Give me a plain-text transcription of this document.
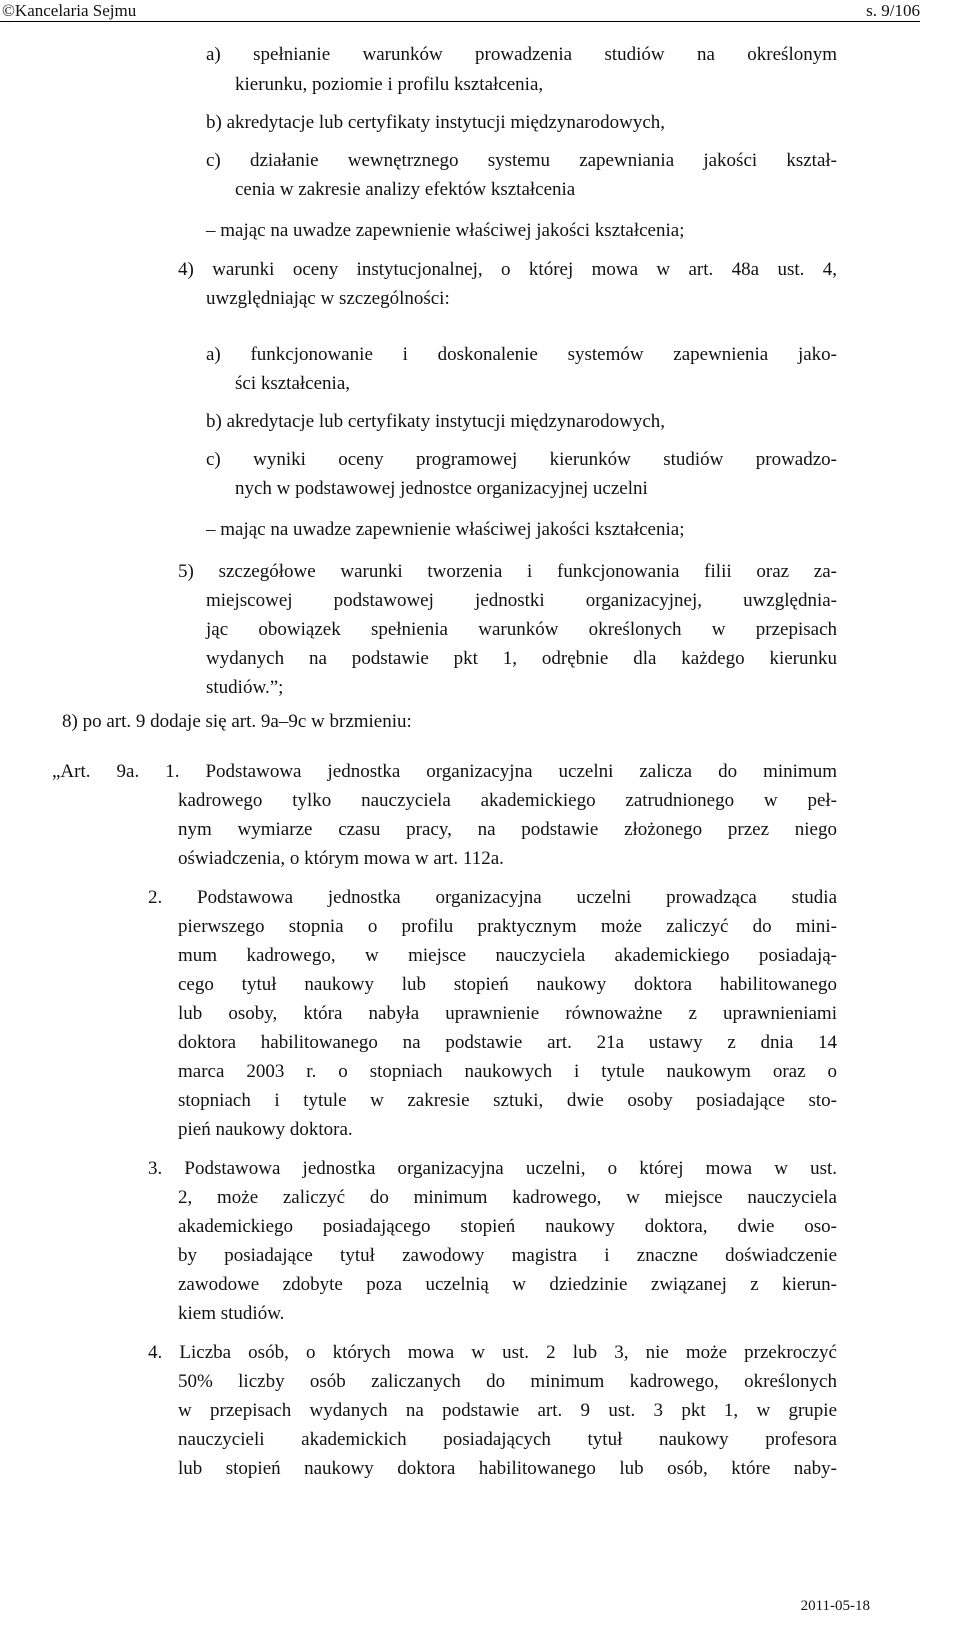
©Kancelaria Sejmu	s. 9/106
a) spełnianie warunków prowadzenia studiów na określonym
kierunku, poziomie i profilu kształcenia,
b) akredytacje lub certyfikaty instytucji międzynarodowych,
c) działanie wewnętrznego systemu zapewniania jakości kształ-
cenia w zakresie analizy efektów kształcenia
– mając na uwadze zapewnienie właściwej jakości kształcenia;
4) warunki oceny instytucjonalnej, o której mowa w art. 48a ust. 4,
uwzględniając w szczególności:
a) funkcjonowanie i doskonalenie systemów zapewnienia jako-
ści kształcenia,
b) akredytacje lub certyfikaty instytucji międzynarodowych,
c) wyniki oceny programowej kierunków studiów prowadzo-
nych w podstawowej jednostce organizacyjnej uczelni
– mając na uwadze zapewnienie właściwej jakości kształcenia;
5) szczegółowe warunki tworzenia i funkcjonowania filii oraz za-
miejscowej podstawowej jednostki organizacyjnej, uwzględnia-
jąc obowiązek spełnienia warunków określonych w przepisach
wydanych na podstawie pkt 1, odrębnie dla każdego kierunku
studiów.”;
8) po art. 9 dodaje się art. 9a–9c w brzmieniu:
„Art. 9a. 1. Podstawowa jednostka organizacyjna uczelni zalicza do minimum
kadrowego tylko nauczyciela akademickiego zatrudnionego w peł-
nym wymiarze czasu pracy, na podstawie złożonego przez niego
oświadczenia, o którym mowa w art. 112a.
2. Podstawowa jednostka organizacyjna uczelni prowadząca studia
pierwszego stopnia o profilu praktycznym może zaliczyć do mini-
mum kadrowego, w miejsce nauczyciela akademickiego posiadają-
cego tytuł naukowy lub stopień naukowy doktora habilitowanego
lub osoby, która nabyła uprawnienie równoważne z uprawnieniami
doktora habilitowanego na podstawie art. 21a ustawy z dnia 14
marca 2003 r. o stopniach naukowych i tytule naukowym oraz o
stopniach i tytule w zakresie sztuki, dwie osoby posiadające sto-
pień naukowy doktora.
3. Podstawowa jednostka organizacyjna uczelni, o której mowa w ust.
2, może zaliczyć do minimum kadrowego, w miejsce nauczyciela
akademickiego posiadającego stopień naukowy doktora, dwie oso-
by posiadające tytuł zawodowy magistra i znaczne doświadczenie
zawodowe zdobyte poza uczelnią w dziedzinie związanej z kierun-
kiem studiów.
4. Liczba osób, o których mowa w ust. 2 lub 3, nie może przekroczyć
50% liczby osób zaliczanych do minimum kadrowego, określonych
w przepisach wydanych na podstawie art. 9 ust. 3 pkt 1, w grupie
nauczycieli akademickich posiadających tytuł naukowy profesora
lub stopień naukowy doktora habilitowanego lub osób, które naby-
2011-05-18
